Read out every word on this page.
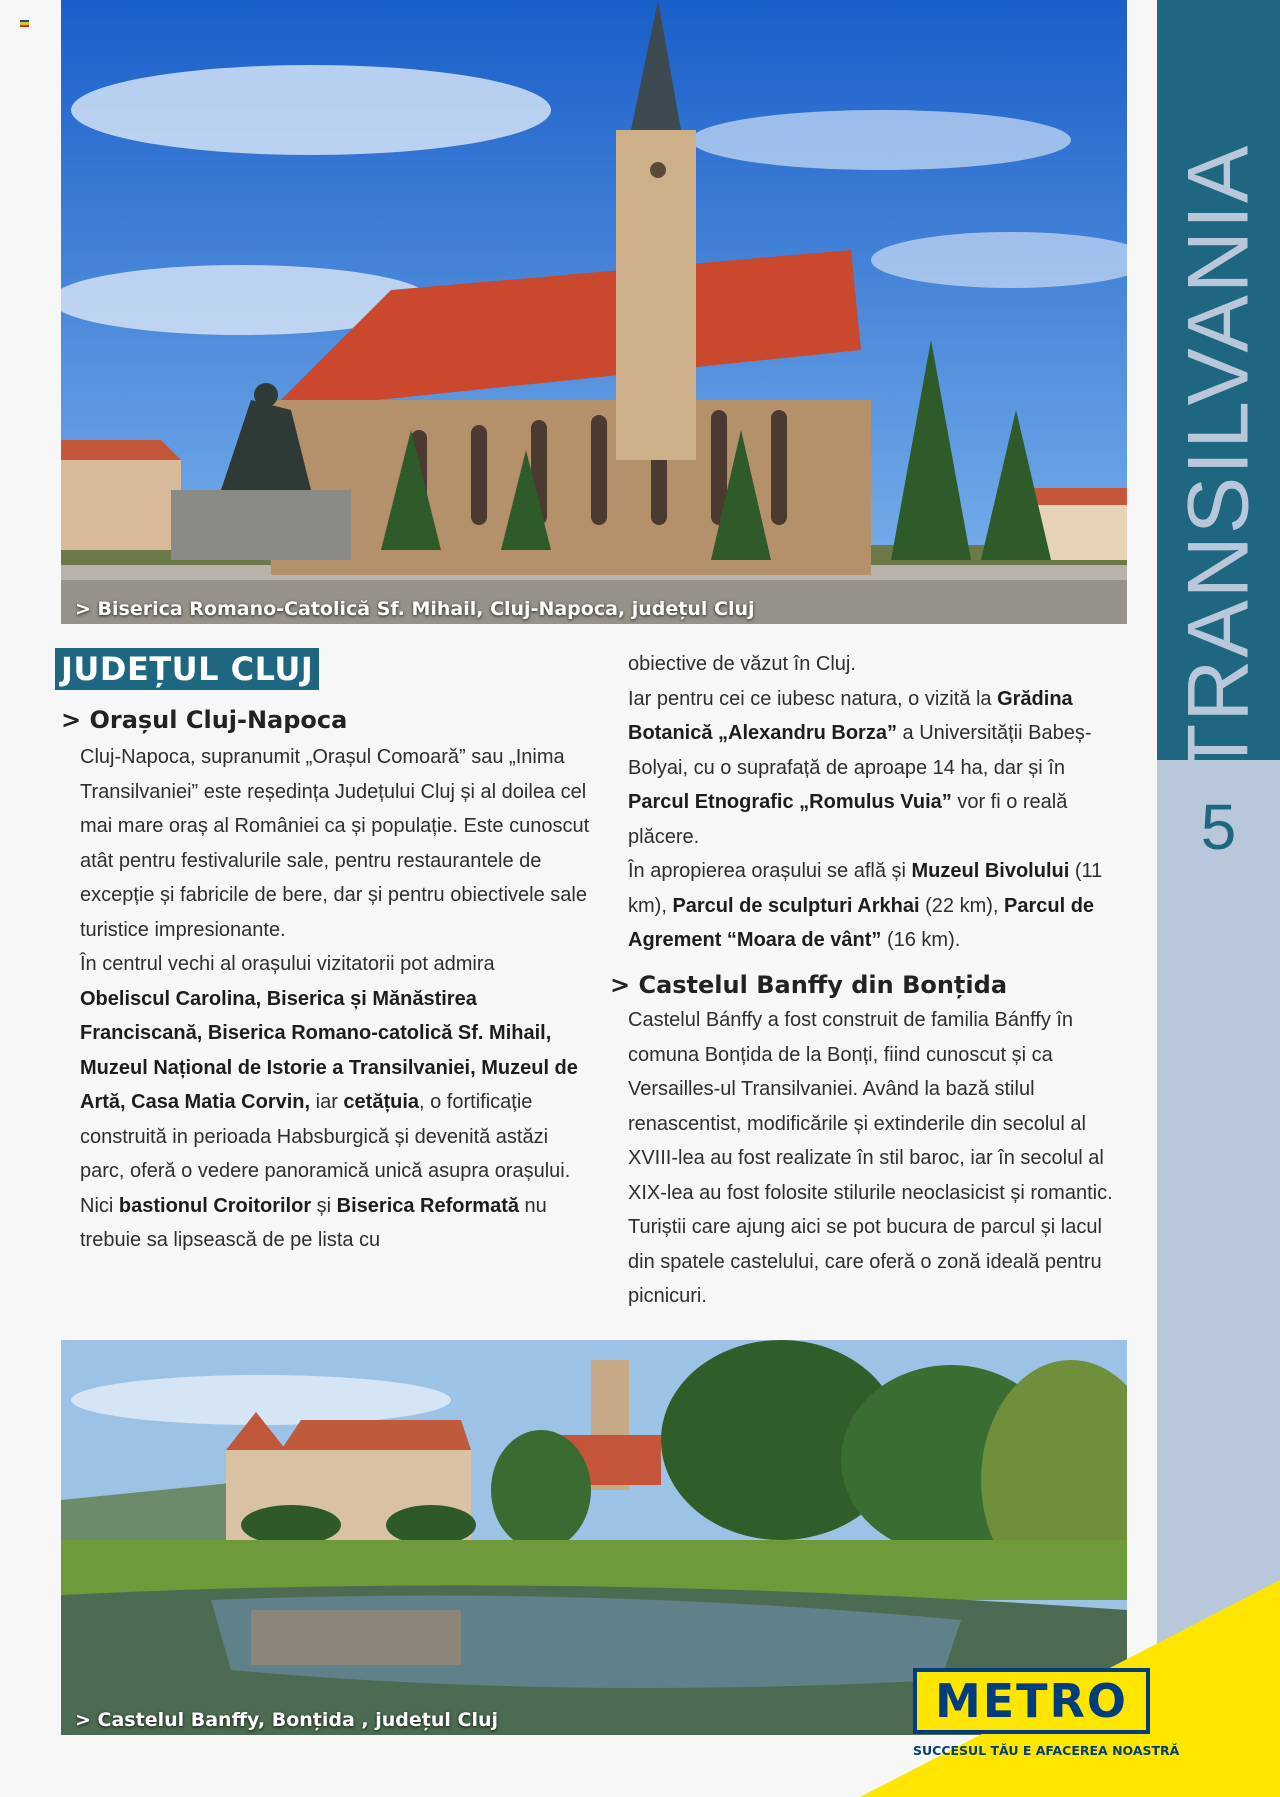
> Biserica Romano-Catolică Sf. Mihail, Cluj-Napoca, județul Cluj
JUDEȚUL CLUJ
> Orașul Cluj-Napoca
Cluj-Napoca, supranumit „Orașul Comoară” sau „Inima Transilvaniei” este reședința Județului Cluj și al doilea cel mai mare oraș al României ca și populație. Este cunoscut atât pentru festivalurile sale, pentru restaurantele de excepție și fabricile de bere, dar și pentru obiectivele sale turistice impresionante.
În centrul vechi al orașului vizitatorii pot admira Obeliscul Carolina, Biserica și Mănăstirea Franciscană, Biserica Romano-catolică Sf. Mihail, Muzeul Național de Istorie a Transilvaniei, Muzeul de Artă, Casa Matia Corvin, iar cetățuia, o fortificație construită in perioada Habsburgică și devenită astăzi parc, oferă o vedere panoramică unică asupra orașului. Nici bastionul Croitorilor și Biserica Reformată nu trebuie sa lipsească de pe lista cu
obiective de văzut în Cluj.
Iar pentru cei ce iubesc natura, o vizită la Grădina Botanică „Alexandru Borza” a Universității Babeș-Bolyai, cu o suprafață de aproape 14 ha, dar și în Parcul Etnografic „Romulus Vuia” vor fi o reală plăcere.
În apropierea orașului se află și Muzeul Bivolului (11 km), Parcul de sculpturi Arkhai (22 km), Parcul de Agrement “Moara de vânt” (16 km).
> Castelul Banffy din Bonțida
Castelul Bánffy a fost construit de familia Bánffy în comuna Bonțida de la Bonți, fiind cunoscut și ca Versailles-ul Transilvaniei. Având la bază stilul renascentist, modificările și extinderile din secolul al XVIII-lea au fost realizate în stil baroc, iar în secolul al XIX-lea au fost folosite stilurile neoclasicist și romantic. Turiștii care ajung aici se pot bucura de parcul și lacul din spatele castelului, care oferă o zonă ideală pentru picnicuri.
> Castelul Banffy, Bonțida , județul Cluj
TRANSILVANIA
5
METRO
SUCCESUL TĂU E AFACEREA NOASTRĂ
